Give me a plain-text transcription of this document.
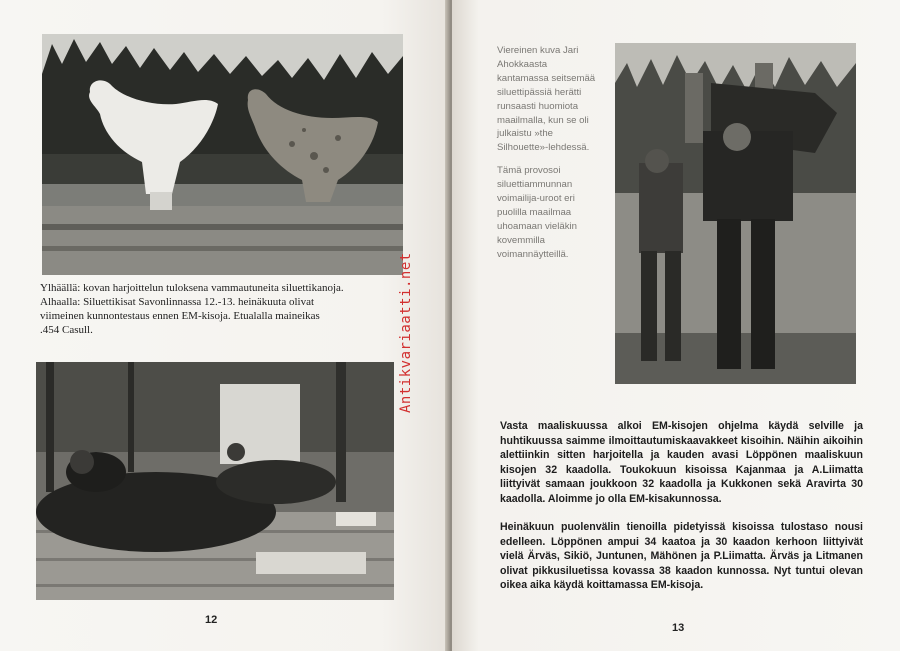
Ylhäällä: kovan harjoittelun tuloksena vammautuneita siluettikanoja.
Alhaalla: Siluettikisat Savonlinnassa 12.-13. heinäkuuta olivat
viimeinen kunnontestaus ennen EM-kisoja. Etualalla maineikas
.454 Casull.
12
Antikvariaatti.net

Viereinen kuva Jari Ahokkaasta kantamassa seitsemää siluettipässiä herätti runsaasti huomiota maailmalla, kun se oli julkaistu »the Silhouette»-lehdessä.

Tämä provosoi siluettiammunnan voimailija-uroot eri puolilla maailmaa uhoamaan vieläkin kovemmilla voimannäytteillä.

Vasta maaliskuussa alkoi EM-kisojen ohjelma käydä selville ja huhtikuussa saimme ilmoittautumiskaavakkeet kisoihin. Näihin aikoihin alettiinkin sitten harjoitella ja kauden avasi Löppönen maaliskuun kisojen 32 kaadolla. Toukokuun kisoissa Kajanmaa ja A.Liimatta liittyivät samaan joukkoon 32 kaadolla ja Kukkonen sekä Aravirta 30 kaadolla. Aloimme jo olla EM-kisakunnossa.

Heinäkuun puolenvälin tienoilla pidetyissä kisoissa tulostaso nousi edelleen. Löppönen ampui 34 kaatoa ja 30 kaadon kerhoon liittyivät vielä Ärväs, Sikiö, Juntunen, Mähönen ja P.Liimatta. Ärväs ja Litmanen olivat pikkusiluetissa kovassa 38 kaadon kunnossa. Nyt tuntui olevan oikea aika käydä koittamassa EM-kisoja.

13
